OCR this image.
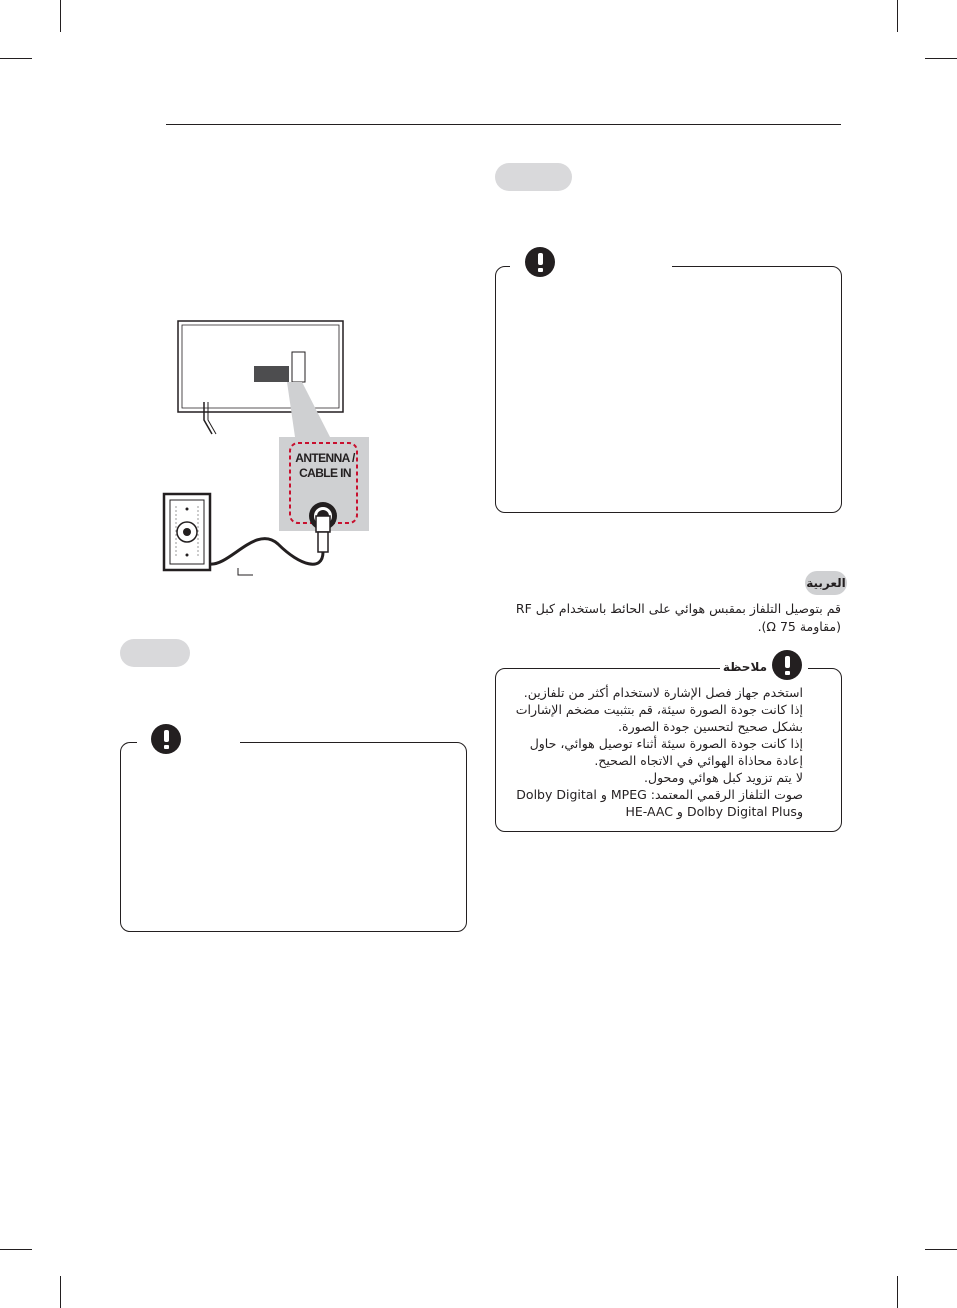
ANTENNA /
CABLE IN
العربية
قم بتوصيل التلفاز بمقبس هوائي على الحائط باستخدام كبل RF
(مقاومة 75 Ω).
ملاحظة
استخدم جهاز فصل الإشارة لاستخدام أكثر من تلفازين.
إذا كانت جودة الصورة سيئة، قم بتثبيت مضخم الإشارات
بشكل صحيح لتحسين جودة الصورة.
إذا كانت جودة الصورة سيئة أثناء توصيل هوائي، حاول
إعادة محاذاة الهوائي في الاتجاه الصحيح.
لا يتم تزويد كبل هوائي ومحول.
صوت التلفاز الرقمي المعتمد: MPEG و Dolby Digital
وDolby Digital Plus و HE-AAC
